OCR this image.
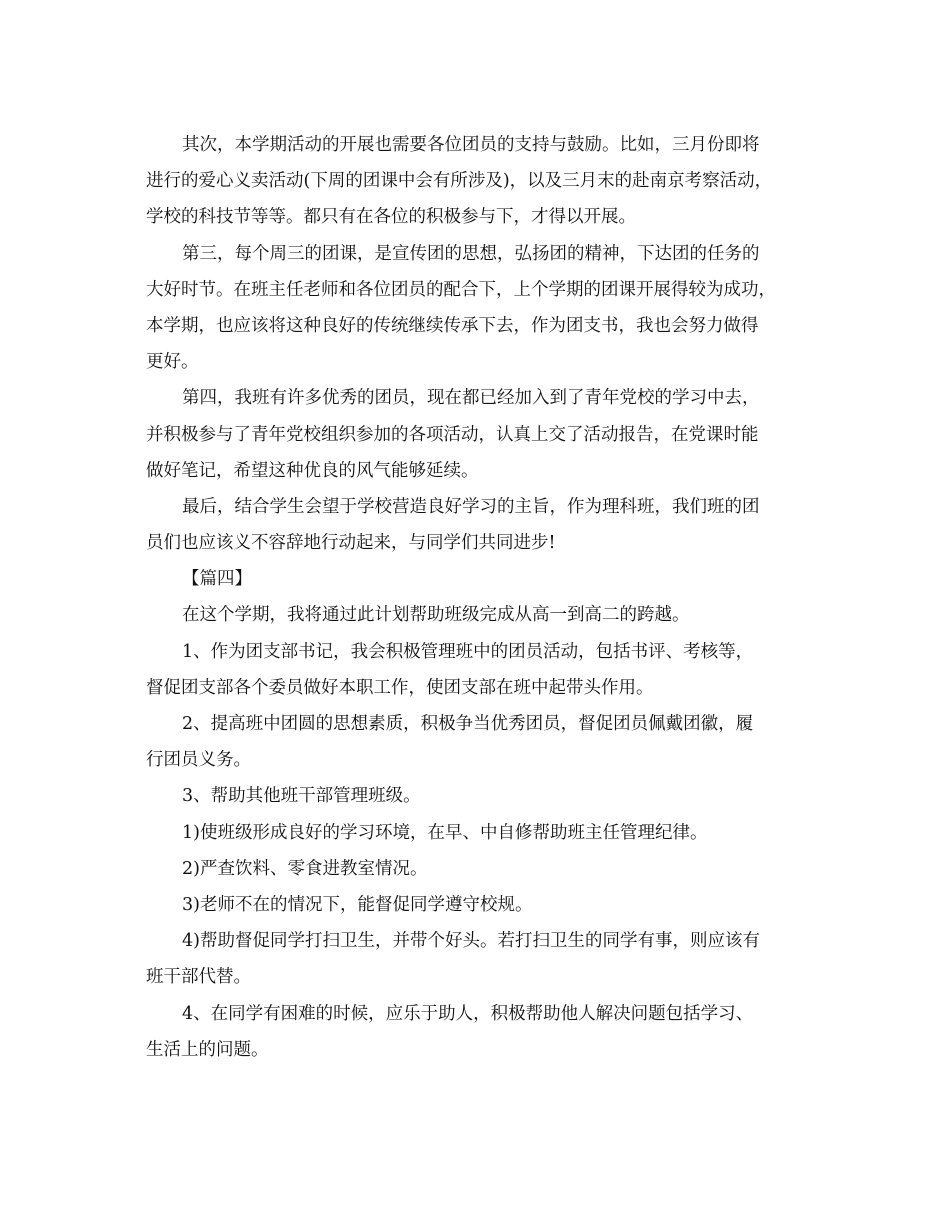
其次，本学期活动的开展也需要各位团员的支持与鼓励。比如，三月份即将
进行的爱心义卖活动(下周的团课中会有所涉及)，以及三月末的赴南京考察活动，
学校的科技节等等。都只有在各位的积极参与下，才得以开展。
第三，每个周三的团课，是宣传团的思想，弘扬团的精神，下达团的任务的
大好时节。在班主任老师和各位团员的配合下，上个学期的团课开展得较为成功，
本学期，也应该将这种良好的传统继续传承下去，作为团支书，我也会努力做得
更好。
第四，我班有许多优秀的团员，现在都已经加入到了青年党校的学习中去，
并积极参与了青年党校组织参加的各项活动，认真上交了活动报告，在党课时能
做好笔记，希望这种优良的风气能够延续。
最后，结合学生会望于学校营造良好学习的主旨，作为理科班，我们班的团
员们也应该义不容辞地行动起来，与同学们共同进步!
【篇四】
在这个学期，我将通过此计划帮助班级完成从高一到高二的跨越。
1、作为团支部书记，我会积极管理班中的团员活动，包括书评、考核等，
督促团支部各个委员做好本职工作，使团支部在班中起带头作用。
2、提高班中团圆的思想素质，积极争当优秀团员，督促团员佩戴团徽，履
行团员义务。
3、帮助其他班干部管理班级。
1)使班级形成良好的学习环境，在早、中自修帮助班主任管理纪律。
2)严查饮料、零食进教室情况。
3)老师不在的情况下，能督促同学遵守校规。
4)帮助督促同学打扫卫生，并带个好头。若打扫卫生的同学有事，则应该有
班干部代替。
4、在同学有困难的时候，应乐于助人，积极帮助他人解决问题包括学习、
生活上的问题。
